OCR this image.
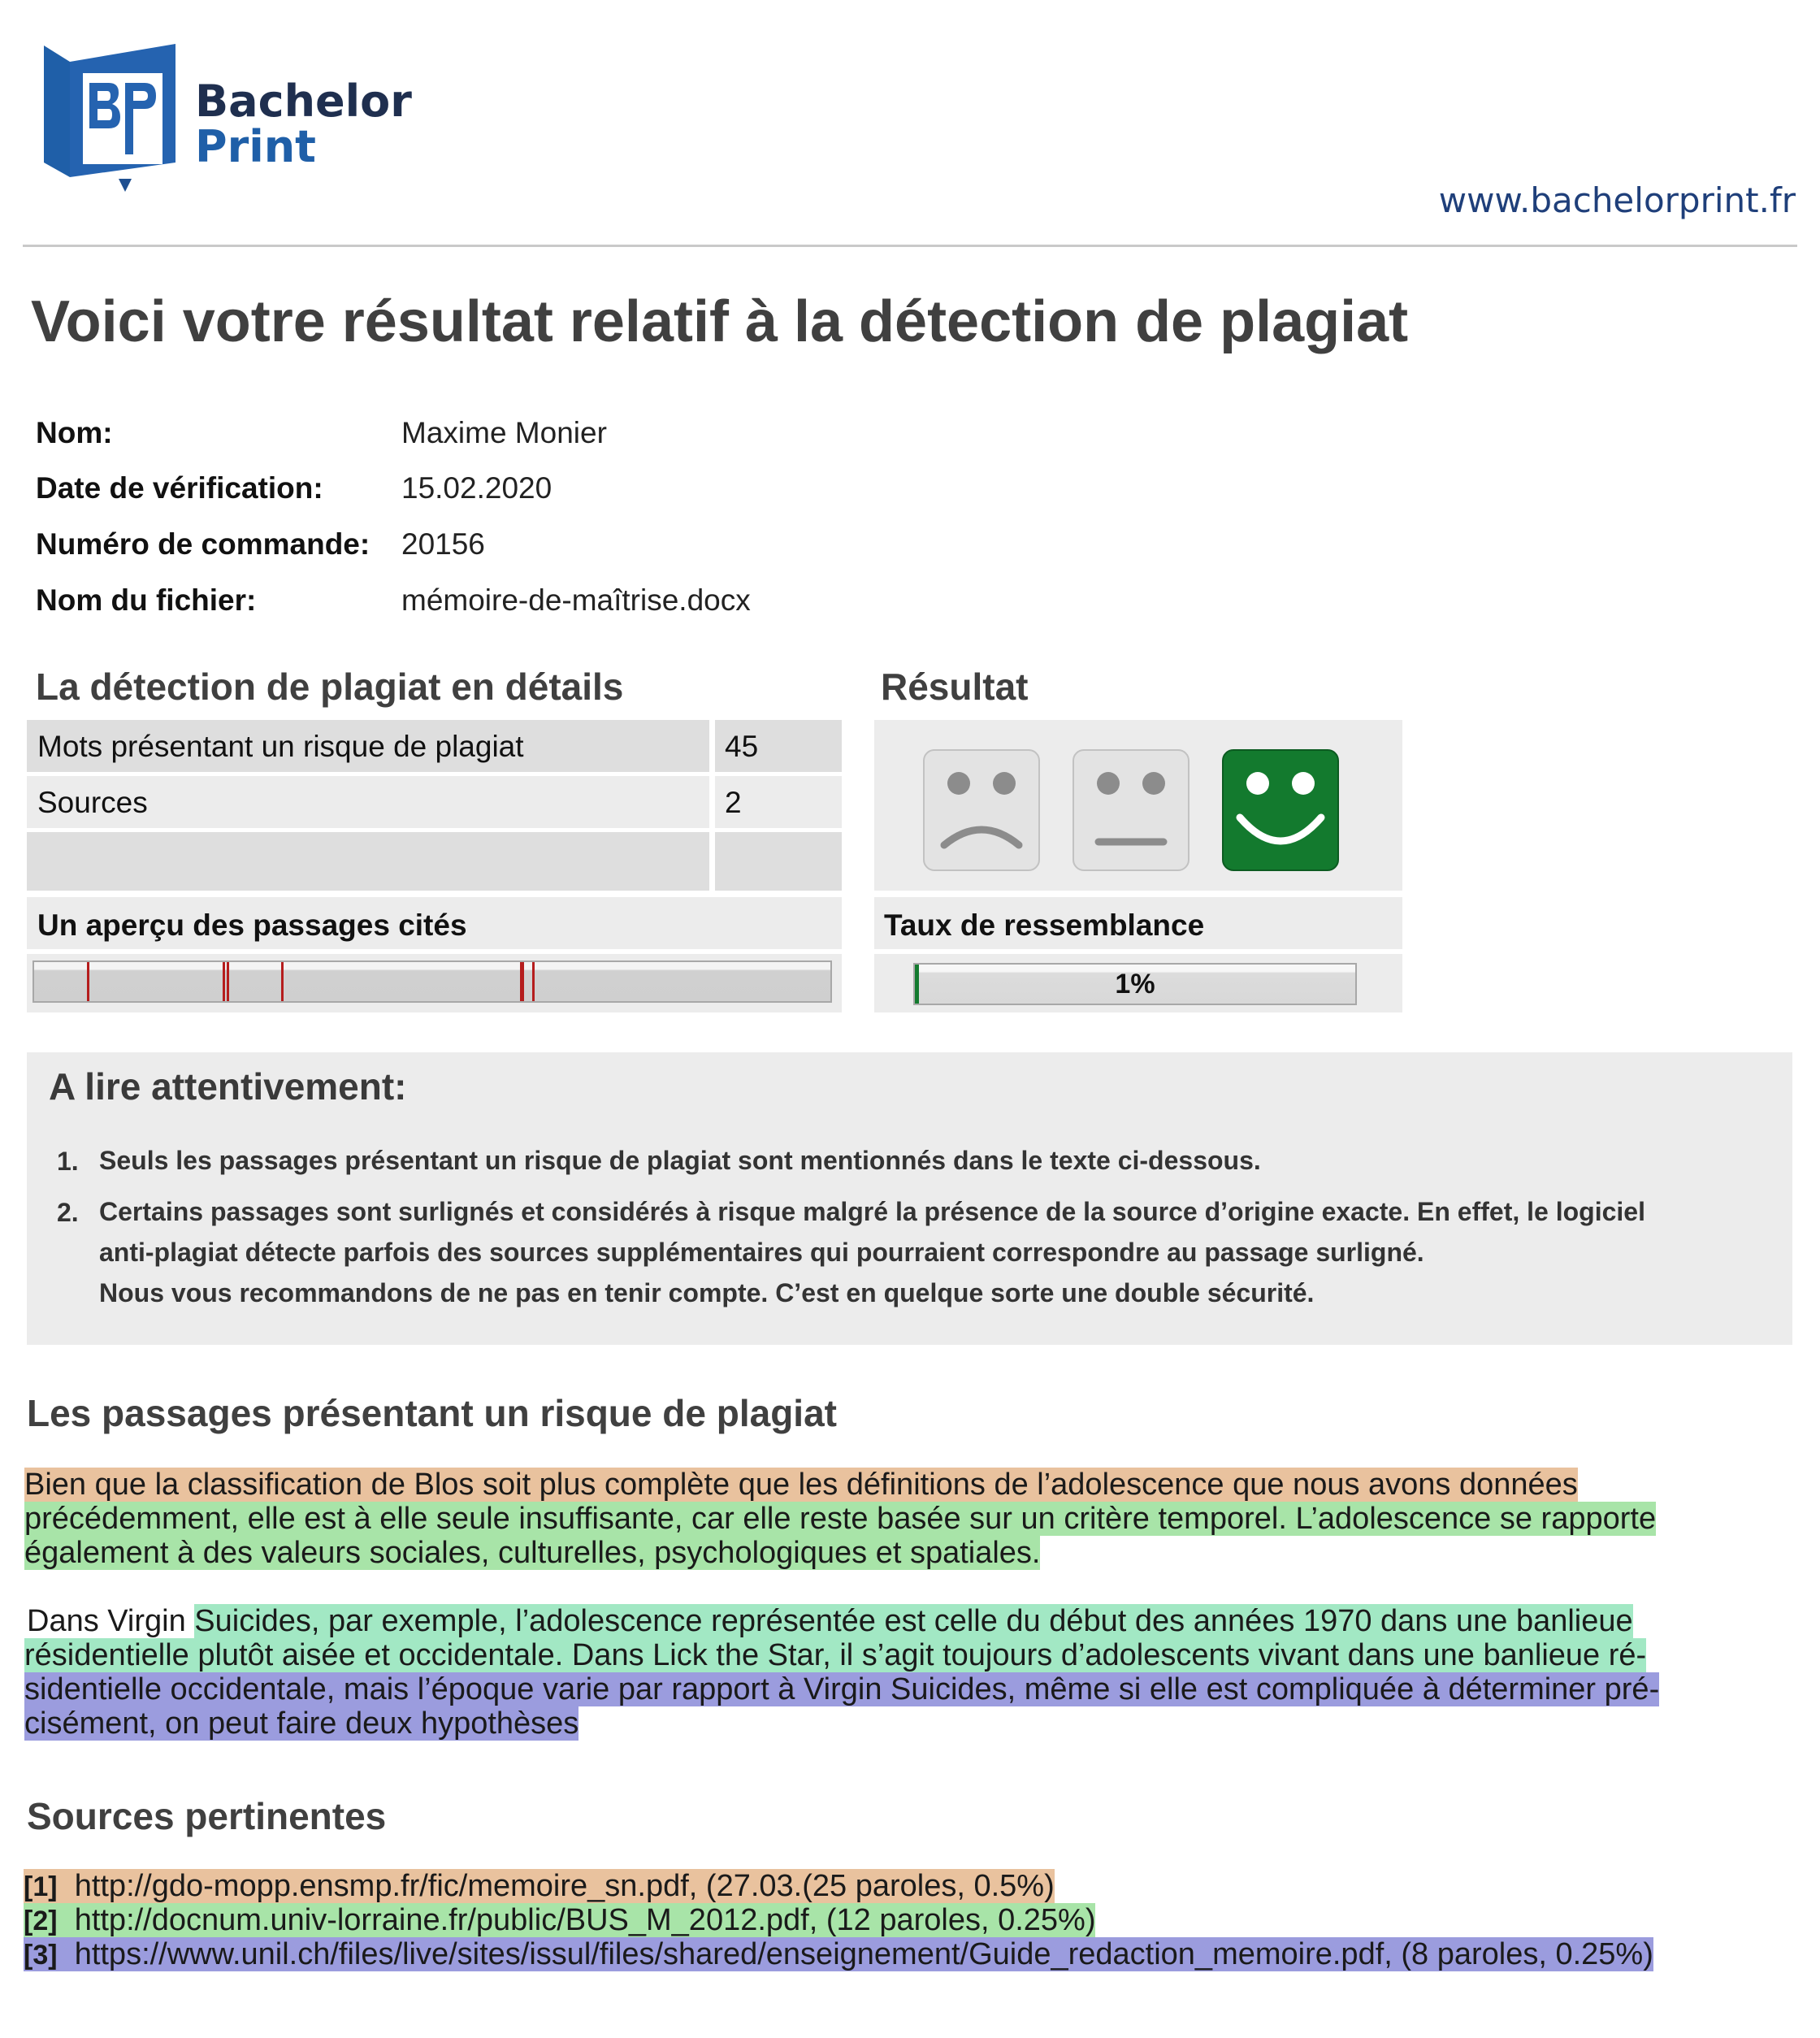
Bachelor
Print
www.bachelorprint.fr
Voici votre résultat relatif à la détection de plagiat
Nom:	Maxime Monier
Date de vérification:	15.02.2020
Numéro de commande: 20156
Nom du fichier:	mémoire-de-maîtrise.docx
La détection de plagiat en détails
Mots présentant un risque de plagiat	45
Sources	2
Un aperçu des passages cités
Résultat
Taux de ressemblance
1%
A lire attentivement:
1. Seuls les passages présentant un risque de plagiat sont mentionnés dans le texte ci-dessous.
2. Certains passages sont surlignés et considérés à risque malgré la présence de la source d’origine exacte. En effet, le logiciel
anti-plagiat détecte parfois des sources supplémentaires qui pourraient correspondre au passage surligné.
Nous vous recommandons de ne pas en tenir compte. C’est en quelque sorte une double sécurité.
Les passages présentant un risque de plagiat
Bien que la classification de Blos soit plus complète que les définitions de l’adolescence que nous avons données
précédemment, elle est à elle seule insuffisante, car elle reste basée sur un critère temporel. L’adolescence se rapporte
également à des valeurs sociales, culturelles, psychologiques et spatiales.
Dans Virgin Suicides, par exemple, l’adolescence représentée est celle du début des années 1970 dans une banlieue
résidentielle plutôt aisée et occidentale. Dans Lick the Star, il s’agit toujours d’adolescents vivant dans une banlieue ré-
sidentielle occidentale, mais l’époque varie par rapport à Virgin Suicides, même si elle est compliquée à déterminer pré-
cisément, on peut faire deux hypothèses
Sources pertinentes
[1] http://gdo-mopp.ensmp.fr/fic/memoire_sn.pdf, (27.03.(25 paroles, 0.5%)
[2] http://docnum.univ-lorraine.fr/public/BUS_M_2012.pdf, (12 paroles, 0.25%)
[3] https://www.unil.ch/files/live/sites/issul/files/shared/enseignement/Guide_redaction_memoire.pdf, (8 paroles, 0.25%)
